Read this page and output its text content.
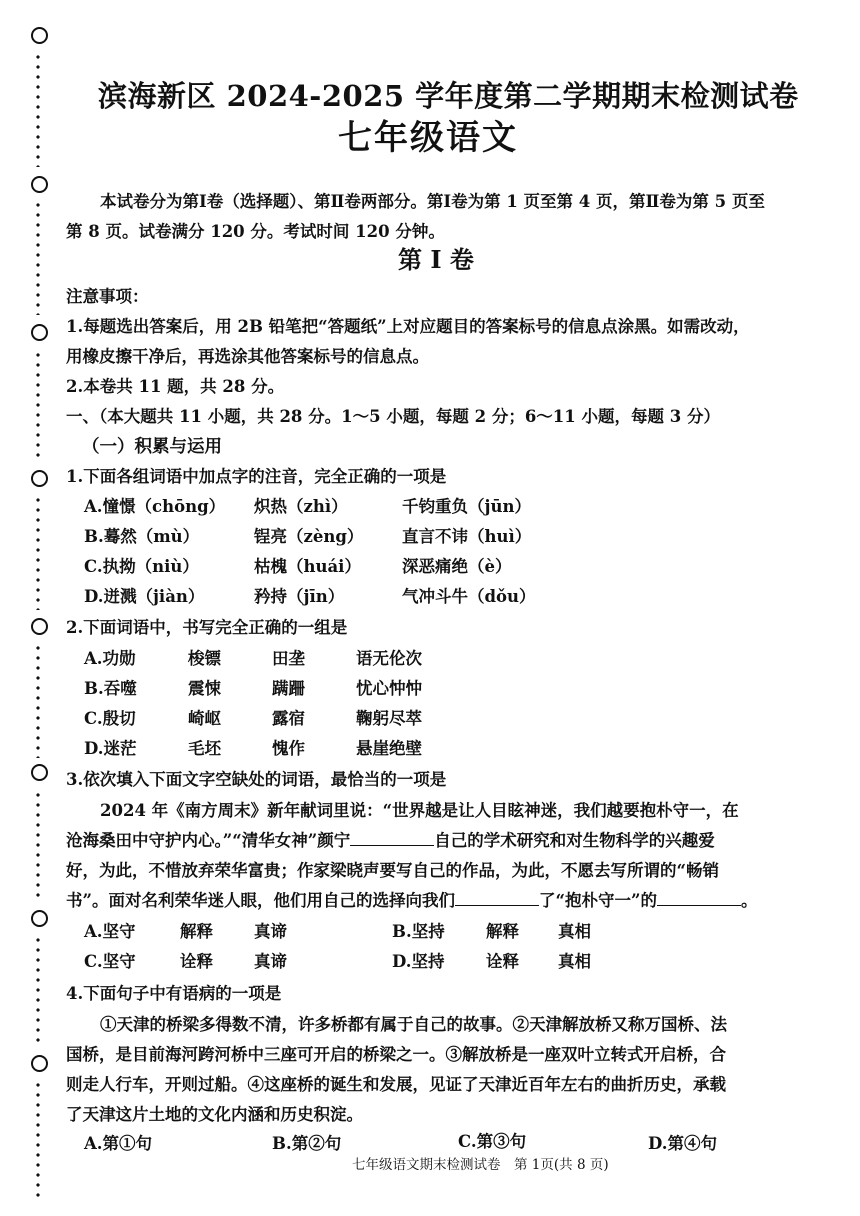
滨海新区 2024-2025 学年度第二学期期末检测试卷
七年级语文
本试卷分为第Ⅰ卷（选择题）、第Ⅱ卷两部分。第Ⅰ卷为第 1 页至第 4 页，第Ⅱ卷为第 5 页至
第 8 页。试卷满分 120 分。考试时间 120 分钟。
第 Ⅰ 卷
注意事项：
1.每题选出答案后，用 2B 铅笔把“答题纸”上对应题目的答案标号的信息点涂黑。如需改动，
用橡皮擦干净后，再选涂其他答案标号的信息点。
2.本卷共 11 题，共 28 分。
一、（本大题共 11 小题，共 28 分。1～5 小题，每题 2 分；6～11 小题，每题 3 分）
（一）积累与运用
1.下面各组词语中加点字的注音，完全正确的一项是
A.憧憬（chōng） 炽热（zhì）	千钧重负（jūn）
B.蓦然（mù）	锃亮（zèng） 直言不讳（huì）
C.执拗（niù）	枯槐（huái） 深恶痛绝（è）
D.迸溅（jiàn）	矜持（jīn）	气冲斗牛（dǒu）
2.下面词语中，书写完全正确的一组是
A.功勋	梭镖	田垄	语无伦次
B.吞噬	震悚	蹒跚	忧心忡忡
C.殷切	崎岖	露宿	鞠躬尽萃
D.迷茫	毛坯	愧作	悬崖绝壁
3.依次填入下面文字空缺处的词语，最恰当的一项是
2024 年《南方周末》新年献词里说：“世界越是让人目眩神迷，我们越要抱朴守一，在
沧海桑田中守护内心。”“清华女神”颜宁	自己的学术研究和对生物科学的兴趣爱
好，为此，不惜放弃荣华富贵；作家梁晓声要写自己的作品，为此，不愿去写所谓的“畅销
书”。面对名利荣华迷人眼，他们用自己的选择向我们	了“抱朴守一”的	。
A.坚守	解释 真谛	B.坚持	解释 真相
C.坚守	诠释 真谛	D.坚持	诠释 真相
4.下面句子中有语病的一项是
①天津的桥梁多得数不清，许多桥都有属于自己的故事。②天津解放桥又称万国桥、法
国桥，是目前海河跨河桥中三座可开启的桥梁之一。③解放桥是一座双叶立转式开启桥，合
则走人行车，开则过船。④这座桥的诞生和发展，见证了天津近百年左右的曲折历史，承载
了天津这片土地的文化内涵和历史积淀。
A.第①句	B.第②句	C.第③句	D.第④句
七年级语文期末检测试卷　第 1页(共 8 页)
